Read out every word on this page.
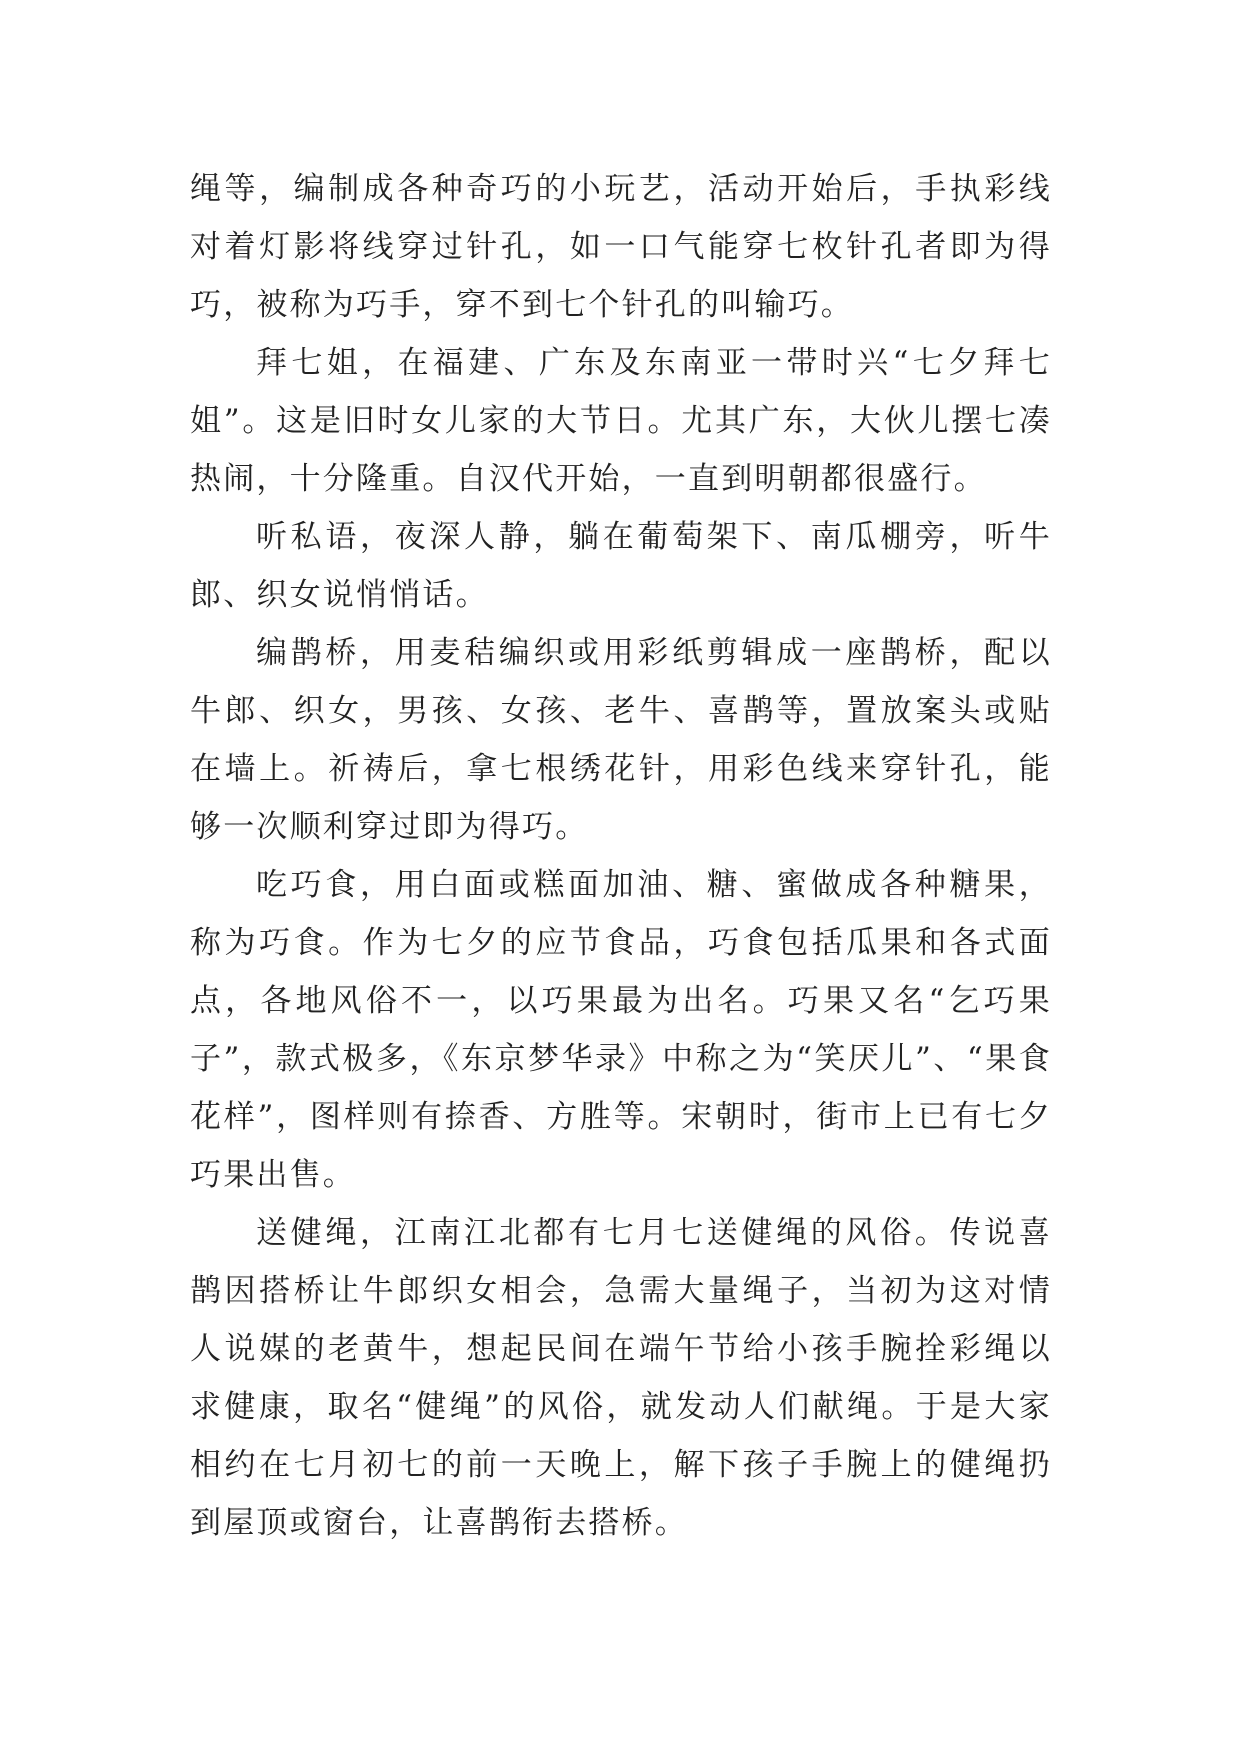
绳等，编制成各种奇巧的小玩艺，活动开始后，手执彩线对着灯影将线穿过针孔，如一口气能穿七枚针孔者即为得巧，被称为巧手，穿不到七个针孔的叫输巧。

拜七姐，在福建、广东及东南亚一带时兴“七夕拜七姐”。这是旧时女儿家的大节日。尤其广东，大伙儿摆七凑热闹，十分隆重。自汉代开始，一直到明朝都很盛行。

听私语，夜深人静，躺在葡萄架下、南瓜棚旁，听牛郎、织女说悄悄话。

编鹊桥，用麦秸编织或用彩纸剪辑成一座鹊桥，配以牛郎、织女，男孩、女孩、老牛、喜鹊等，置放案头或贴在墙上。祈祷后，拿七根绣花针，用彩色线来穿针孔，能够一次顺利穿过即为得巧。

吃巧食，用白面或糕面加油、糖、蜜做成各种糖果，称为巧食。作为七夕的应节食品，巧食包括瓜果和各式面点，各地风俗不一，以巧果最为出名。巧果又名“乞巧果子”，款式极多，《东京梦华录》中称之为“笑厌儿”、“果食花样”，图样则有捺香、方胜等。宋朝时，街市上已有七夕巧果出售。

送健绳，江南江北都有七月七送健绳的风俗。传说喜鹊因搭桥让牛郎织女相会，急需大量绳子，当初为这对情人说媒的老黄牛，想起民间在端午节给小孩手腕拴彩绳以求健康，取名“健绳”的风俗，就发动人们献绳。于是大家相约在七月初七的前一天晚上，解下孩子手腕上的健绳扔到屋顶或窗台，让喜鹊衔去搭桥。
